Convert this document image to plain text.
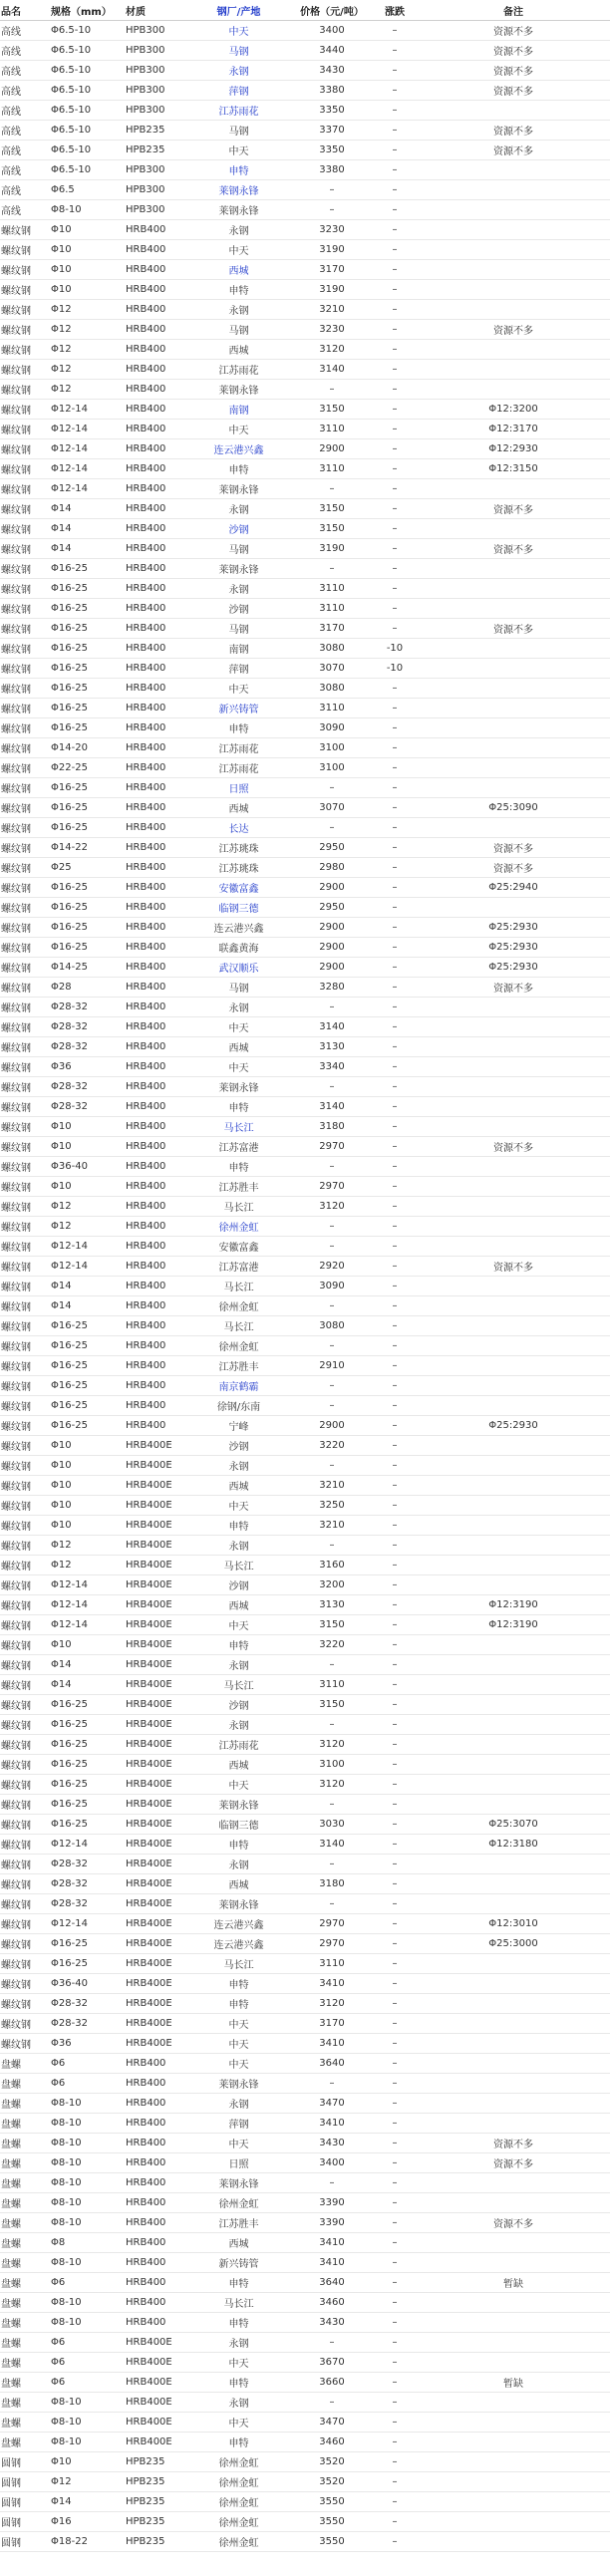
品名	规格（mm）	材质	钢厂/产地	价格（元/吨）	涨跌	备注
高线	Φ6.5-10	HPB300	中天	3400	–	资源不多
高线	Φ6.5-10	HPB300	马钢	3440	–	资源不多
高线	Φ6.5-10	HPB300	永钢	3430	–	资源不多
高线	Φ6.5-10	HPB300	萍钢	3380	–	资源不多
高线	Φ6.5-10	HPB300	江苏雨花	3350	–	
高线	Φ6.5-10	HPB235	马钢	3370	–	资源不多
高线	Φ6.5-10	HPB235	中天	3350	–	资源不多
高线	Φ6.5-10	HPB300	申特	3380	–	
高线	Φ6.5	HPB300	莱钢永锋	–	–	
高线	Φ8-10	HPB300	莱钢永锋	–	–	
螺纹钢	Φ10	HRB400	永钢	3230	–	
螺纹钢	Φ10	HRB400	中天	3190	–	
螺纹钢	Φ10	HRB400	西城	3170	–	
螺纹钢	Φ10	HRB400	申特	3190	–	
螺纹钢	Φ12	HRB400	永钢	3210	–	
螺纹钢	Φ12	HRB400	马钢	3230	–	资源不多
螺纹钢	Φ12	HRB400	西城	3120	–	
螺纹钢	Φ12	HRB400	江苏雨花	3140	–	
螺纹钢	Φ12	HRB400	莱钢永锋	–	–	
螺纹钢	Φ12-14	HRB400	南钢	3150	–	Φ12:3200
螺纹钢	Φ12-14	HRB400	中天	3110	–	Φ12:3170
螺纹钢	Φ12-14	HRB400	连云港兴鑫	2900	–	Φ12:2930
螺纹钢	Φ12-14	HRB400	申特	3110	–	Φ12:3150
螺纹钢	Φ12-14	HRB400	莱钢永锋	–	–	
螺纹钢	Φ14	HRB400	永钢	3150	–	资源不多
螺纹钢	Φ14	HRB400	沙钢	3150	–	
螺纹钢	Φ14	HRB400	马钢	3190	–	资源不多
螺纹钢	Φ16-25	HRB400	莱钢永锋	–	–	
螺纹钢	Φ16-25	HRB400	永钢	3110	–	
螺纹钢	Φ16-25	HRB400	沙钢	3110	–	
螺纹钢	Φ16-25	HRB400	马钢	3170	–	资源不多
螺纹钢	Φ16-25	HRB400	南钢	3080	-10	
螺纹钢	Φ16-25	HRB400	萍钢	3070	-10	
螺纹钢	Φ16-25	HRB400	中天	3080	–	
螺纹钢	Φ16-25	HRB400	新兴铸管	3110	–	
螺纹钢	Φ16-25	HRB400	申特	3090	–	
螺纹钢	Φ14-20	HRB400	江苏雨花	3100	–	
螺纹钢	Φ22-25	HRB400	江苏雨花	3100	–	
螺纹钢	Φ16-25	HRB400	日照	–	–	
螺纹钢	Φ16-25	HRB400	西城	3070	–	Φ25:3090
螺纹钢	Φ16-25	HRB400	长达	–	–	
螺纹钢	Φ14-22	HRB400	江苏珧珠	2950	–	资源不多
螺纹钢	Φ25	HRB400	江苏珧珠	2980	–	资源不多
螺纹钢	Φ16-25	HRB400	安徽富鑫	2900	–	Φ25:2940
螺纹钢	Φ16-25	HRB400	临钢三德	2950	–	
螺纹钢	Φ16-25	HRB400	连云港兴鑫	2900	–	Φ25:2930
螺纹钢	Φ16-25	HRB400	联鑫黄海	2900	–	Φ25:2930
螺纹钢	Φ14-25	HRB400	武汉顺乐	2900	–	Φ25:2930
螺纹钢	Φ28	HRB400	马钢	3280	–	资源不多
螺纹钢	Φ28-32	HRB400	永钢	–	–	
螺纹钢	Φ28-32	HRB400	中天	3140	–	
螺纹钢	Φ28-32	HRB400	西城	3130	–	
螺纹钢	Φ36	HRB400	中天	3340	–	
螺纹钢	Φ28-32	HRB400	莱钢永锋	–	–	
螺纹钢	Φ28-32	HRB400	申特	3140	–	
螺纹钢	Φ10	HRB400	马长江	3180	–	
螺纹钢	Φ10	HRB400	江苏富港	2970	–	资源不多
螺纹钢	Φ36-40	HRB400	申特	–	–	
螺纹钢	Φ10	HRB400	江苏胜丰	2970	–	
螺纹钢	Φ12	HRB400	马长江	3120	–	
螺纹钢	Φ12	HRB400	徐州金虹	–	–	
螺纹钢	Φ12-14	HRB400	安徽富鑫	–	–	
螺纹钢	Φ12-14	HRB400	江苏富港	2920	–	资源不多
螺纹钢	Φ14	HRB400	马长江	3090	–	
螺纹钢	Φ14	HRB400	徐州金虹	–	–	
螺纹钢	Φ16-25	HRB400	马长江	3080	–	
螺纹钢	Φ16-25	HRB400	徐州金虹	–	–	
螺纹钢	Φ16-25	HRB400	江苏胜丰	2910	–	
螺纹钢	Φ16-25	HRB400	南京鹤霸	–	–	
螺纹钢	Φ16-25	HRB400	徐钢/东南	–	–	
螺纹钢	Φ16-25	HRB400	宁峰	2900	–	Φ25:2930
螺纹钢	Φ10	HRB400E	沙钢	3220	–	
螺纹钢	Φ10	HRB400E	永钢	–	–	
螺纹钢	Φ10	HRB400E	西城	3210	–	
螺纹钢	Φ10	HRB400E	中天	3250	–	
螺纹钢	Φ10	HRB400E	申特	3210	–	
螺纹钢	Φ12	HRB400E	永钢	–	–	
螺纹钢	Φ12	HRB400E	马长江	3160	–	
螺纹钢	Φ12-14	HRB400E	沙钢	3200	–	
螺纹钢	Φ12-14	HRB400E	西城	3130	–	Φ12:3190
螺纹钢	Φ12-14	HRB400E	中天	3150	–	Φ12:3190
螺纹钢	Φ10	HRB400E	申特	3220	–	
螺纹钢	Φ14	HRB400E	永钢	–	–	
螺纹钢	Φ14	HRB400E	马长江	3110	–	
螺纹钢	Φ16-25	HRB400E	沙钢	3150	–	
螺纹钢	Φ16-25	HRB400E	永钢	–	–	
螺纹钢	Φ16-25	HRB400E	江苏雨花	3120	–	
螺纹钢	Φ16-25	HRB400E	西城	3100	–	
螺纹钢	Φ16-25	HRB400E	中天	3120	–	
螺纹钢	Φ16-25	HRB400E	莱钢永锋	–	–	
螺纹钢	Φ16-25	HRB400E	临钢三德	3030	–	Φ25:3070
螺纹钢	Φ12-14	HRB400E	申特	3140	–	Φ12:3180
螺纹钢	Φ28-32	HRB400E	永钢	–	–	
螺纹钢	Φ28-32	HRB400E	西城	3180	–	
螺纹钢	Φ28-32	HRB400E	莱钢永锋	–	–	
螺纹钢	Φ12-14	HRB400E	连云港兴鑫	2970	–	Φ12:3010
螺纹钢	Φ16-25	HRB400E	连云港兴鑫	2970	–	Φ25:3000
螺纹钢	Φ16-25	HRB400E	马长江	3110	–	
螺纹钢	Φ36-40	HRB400E	申特	3410	–	
螺纹钢	Φ28-32	HRB400E	申特	3120	–	
螺纹钢	Φ28-32	HRB400E	中天	3170	–	
螺纹钢	Φ36	HRB400E	中天	3410	–	
盘螺	Φ6	HRB400	中天	3640	–	
盘螺	Φ6	HRB400	莱钢永锋	–	–	
盘螺	Φ8-10	HRB400	永钢	3470	–	
盘螺	Φ8-10	HRB400	萍钢	3410	–	
盘螺	Φ8-10	HRB400	中天	3430	–	资源不多
盘螺	Φ8-10	HRB400	日照	3400	–	资源不多
盘螺	Φ8-10	HRB400	莱钢永锋	–	–	
盘螺	Φ8-10	HRB400	徐州金虹	3390	–	
盘螺	Φ8-10	HRB400	江苏胜丰	3390	–	资源不多
盘螺	Φ8	HRB400	西城	3410	–	
盘螺	Φ8-10	HRB400	新兴铸管	3410	–	
盘螺	Φ6	HRB400	申特	3640	–	暂缺
盘螺	Φ8-10	HRB400	马长江	3460	–	
盘螺	Φ8-10	HRB400	申特	3430	–	
盘螺	Φ6	HRB400E	永钢	–	–	
盘螺	Φ6	HRB400E	中天	3670	–	
盘螺	Φ6	HRB400E	申特	3660	–	暂缺
盘螺	Φ8-10	HRB400E	永钢	–	–	
盘螺	Φ8-10	HRB400E	中天	3470	–	
盘螺	Φ8-10	HRB400E	申特	3460	–	
圆钢	Φ10	HPB235	徐州金虹	3520	–	
圆钢	Φ12	HPB235	徐州金虹	3520	–	
圆钢	Φ14	HPB235	徐州金虹	3550	–	
圆钢	Φ16	HPB235	徐州金虹	3550	–	
圆钢	Φ18-22	HPB235	徐州金虹	3550	–	
